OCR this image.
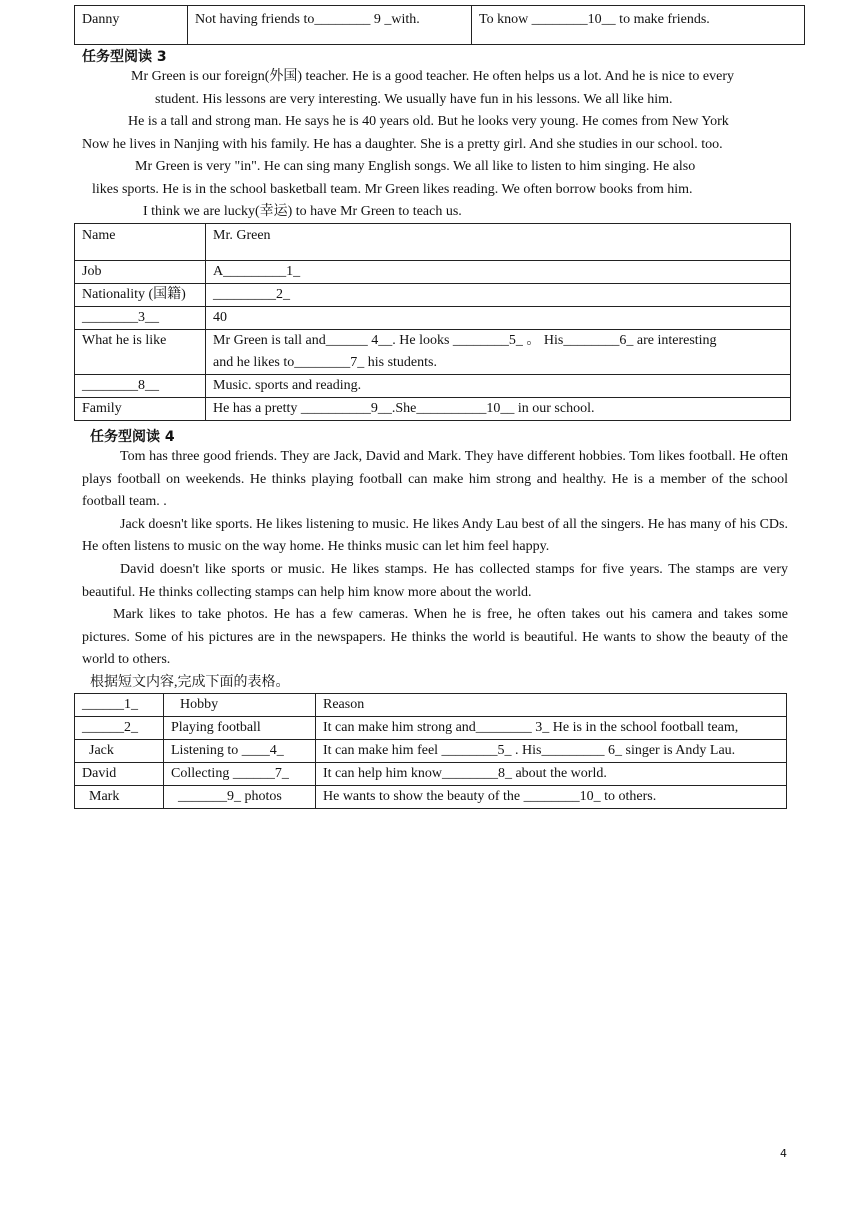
Danny	Not having friends to________ 9 _with.	To know ________10__ to make friends.
任务型阅读 3
Mr Green is our foreign(外国) teacher. He is a good teacher. He often helps us a lot. And he is nice to every
student. His lessons are very interesting. We usually have fun in his lessons. We all like him.
He is a tall and strong man. He says he is 40 years old. But he looks very young. He comes from New York
Now he lives in Nanjing with his family. He has a daughter. She is a pretty girl. And she studies in our school. too.
Mr Green is very "in". He can sing many English songs. We all like to listen to him singing. He also
likes sports. He is in the school basketball team. Mr Green likes reading. We often borrow books from him.
I think we are lucky(幸运) to have Mr Green to teach us.
Name	Mr. Green
Job	A_________1_
Nationality (国籍)	_________2_
________3__	40
What he is like	Mr Green is tall and______ 4__. He looks ________5_ 。 His________6_ are interesting
and he likes to________7_ his students.

________8__	Music. sports and reading.
Family	He has a pretty __________9__.She__________10__ in our school.
任务型阅读 4

Tom has three good friends. They are Jack, David and Mark. They have different hobbies. Tom likes football. He often plays football on weekends. He thinks playing football can make him strong and healthy. He is a member of the school football team. .

Jack doesn't like sports. He likes listening to music. He likes Andy Lau best of all the singers. He has many of his CDs. He often listens to music on the way home. He thinks music can let him feel happy.

David doesn't like sports or music. He likes stamps. He has collected stamps for five years. The stamps are very beautiful. He thinks collecting stamps can help him know more about the world.

Mark likes to take photos. He has a few cameras. When he is free, he often takes out his camera and takes some pictures. Some of his pictures are in the newspapers. He thinks the world is beautiful. He wants to show the beauty of the world to others.

根据短文内容,完成下面的表格。
______1_	Hobby	Reason
______2_	Playing football	It can make him strong and________ 3_ He is in the school football team,
Jack	Listening to ____4_	It can make him feel ________5_ . His_________ 6_ singer is Andy Lau.
David	Collecting ______7_	It can help him know________8_ about the world.
Mark	_______9_ photos	He wants to show the beauty of the ________10_ to others.
4
